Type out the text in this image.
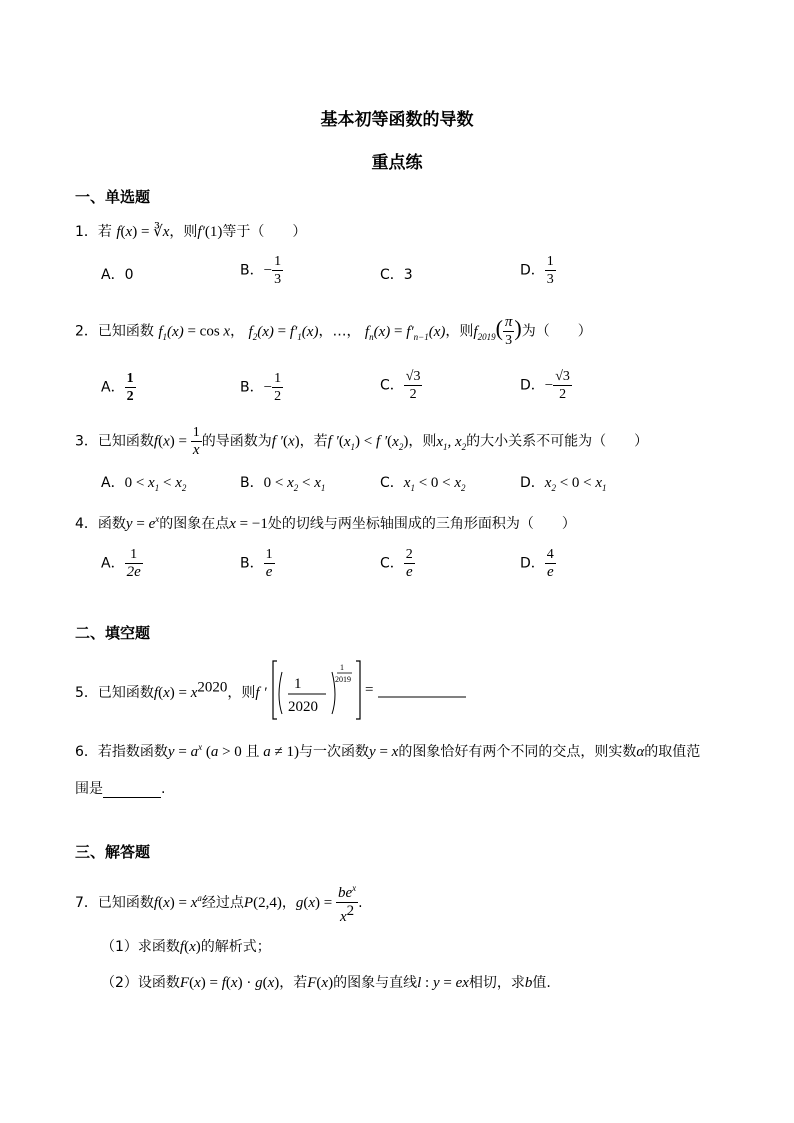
基本初等函数的导数
重点练
一、单选题
1．若 f(x) = ∛x，则f′(1)等于（　　）
A．0	B．− $\frac{1}{3}$	C．3	D． $\frac{1}{3}$
2．已知函数 $f_1(x) = \cos x$， $f_2(x) = f'_1(x)$，…， $f_n(x) = f'_{n-1}(x)$，则$f_{2019}( \frac{\pi}{3}$ )为（　　）
A． $\frac{1}{2}$	B．− $\frac{1}{2}$	C． $\frac{√3}{2}$	D．− $\frac{√3}{2}$
3．已知函数$f(x) = \frac{1}{x}$ 的导函数为f ′(x)，若f $'(x_1) < f$ $'(x_2)$，则$x_1$, $x_2$的大小关系不可能为（　　）
A．$0 < x_1 < x_2$	B．$0 < x_2 < x_1$	C．$x_1 < 0 < x_2$	D．$x_2 < 0 < x_1$
4．函数$y = e^x$的图象在点x = −1处的切线与两坐标轴围成的三角形面积为（　　）
A． $\frac{1}{2e}$	B． $\frac{1}{e}$	C． $\frac{2}{e}$	D． $\frac{4}{e}$
二、填空题
5．已知函数$f(x) = x^{2020}$，则f ′
1
2020
1
2019
=
6．若指数函数$y = a^x$ (a > 0 且 a ≠ 1)与一次函数y = x的图象恰好有两个不同的交点，则实数α的取值范
围是	.
三、解答题
7．已知函数$f(x) = x^a$经过点P(2,4)，$g(x) = \frac{be^x}{x^2}$ .
（1）求函数f(x)的解析式；
（2）设函数F(x) = f(x) · g(x)，若F(x)的图象与直线l : y = ex相切，求b值.
